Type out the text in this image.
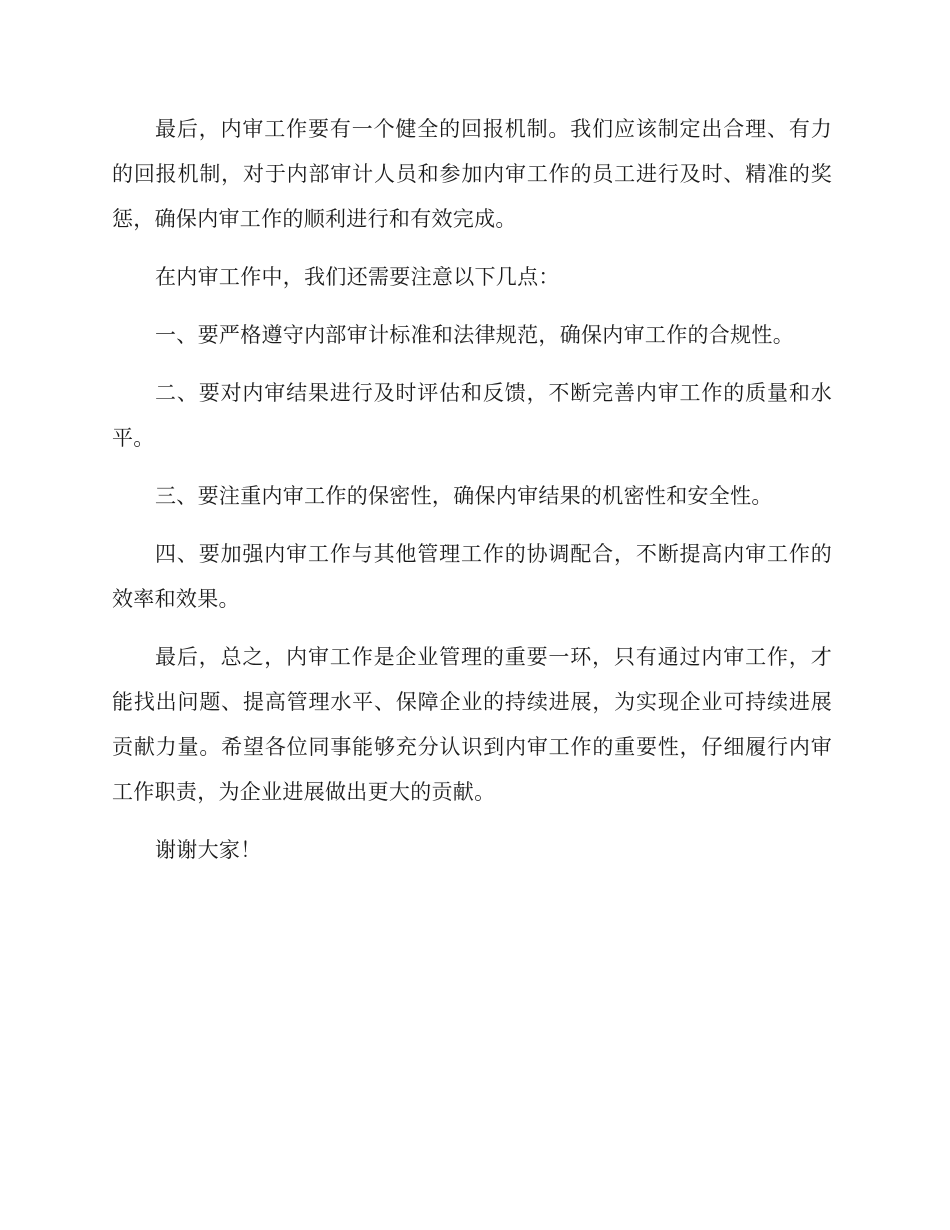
最后，内审工作要有一个健全的回报机制。我们应该制定出合理、有力的回报机制，对于内部审计人员和参加内审工作的员工进行及时、精准的奖惩，确保内审工作的顺利进行和有效完成。

在内审工作中，我们还需要注意以下几点：

一、要严格遵守内部审计标准和法律规范，确保内审工作的合规性。

二、要对内审结果进行及时评估和反馈，不断完善内审工作的质量和水平。

三、要注重内审工作的保密性，确保内审结果的机密性和安全性。

四、要加强内审工作与其他管理工作的协调配合，不断提高内审工作的效率和效果。

最后，总之，内审工作是企业管理的重要一环，只有通过内审工作，才能找出问题、提高管理水平、保障企业的持续进展，为实现企业可持续进展贡献力量。希望各位同事能够充分认识到内审工作的重要性，仔细履行内审工作职责，为企业进展做出更大的贡献。

谢谢大家！
